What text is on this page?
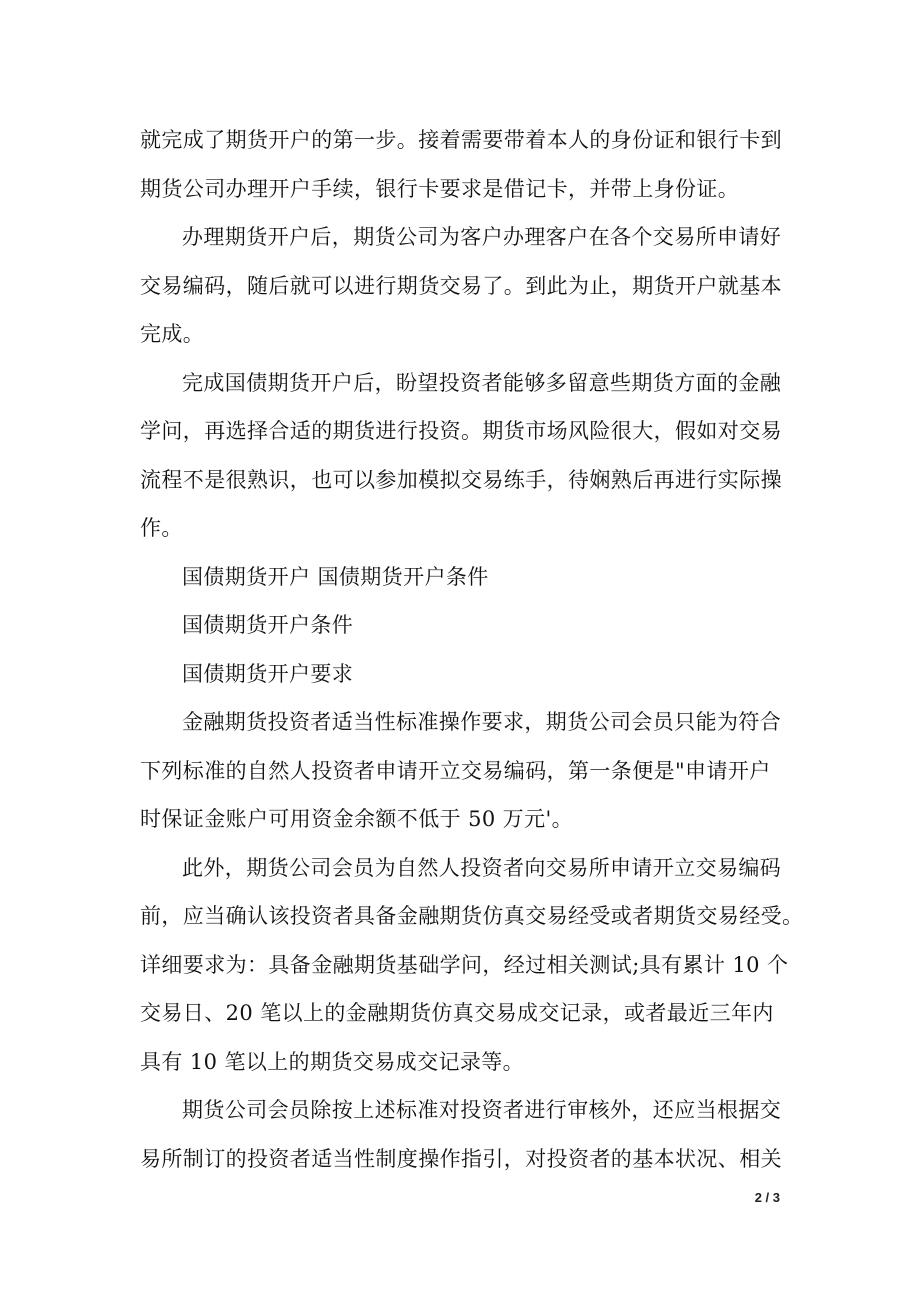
就完成了期货开户的第一步。接着需要带着本人的身份证和银行卡到
期货公司办理开户手续，银行卡要求是借记卡，并带上身份证。
办理期货开户后，期货公司为客户办理客户在各个交易所申请好
交易编码，随后就可以进行期货交易了。到此为止，期货开户就基本
完成。
完成国债期货开户后，盼望投资者能够多留意些期货方面的金融
学问，再选择合适的期货进行投资。期货市场风险很大，假如对交易
流程不是很熟识，也可以参加模拟交易练手，待娴熟后再进行实际操
作。
国债期货开户 国债期货开户条件
国债期货开户条件
国债期货开户要求
金融期货投资者适当性标准操作要求，期货公司会员只能为符合
下列标准的自然人投资者申请开立交易编码，第一条便是"申请开户
时保证金账户可用资金余额不低于 50 万元'。
此外，期货公司会员为自然人投资者向交易所申请开立交易编码
前，应当确认该投资者具备金融期货仿真交易经受或者期货交易经受。
详细要求为：具备金融期货基础学问，经过相关测试;具有累计 10 个
交易日、20 笔以上的金融期货仿真交易成交记录，或者最近三年内
具有 10 笔以上的期货交易成交记录等。
期货公司会员除按上述标准对投资者进行审核外，还应当根据交
易所制订的投资者适当性制度操作指引，对投资者的基本状况、相关
2 / 3
